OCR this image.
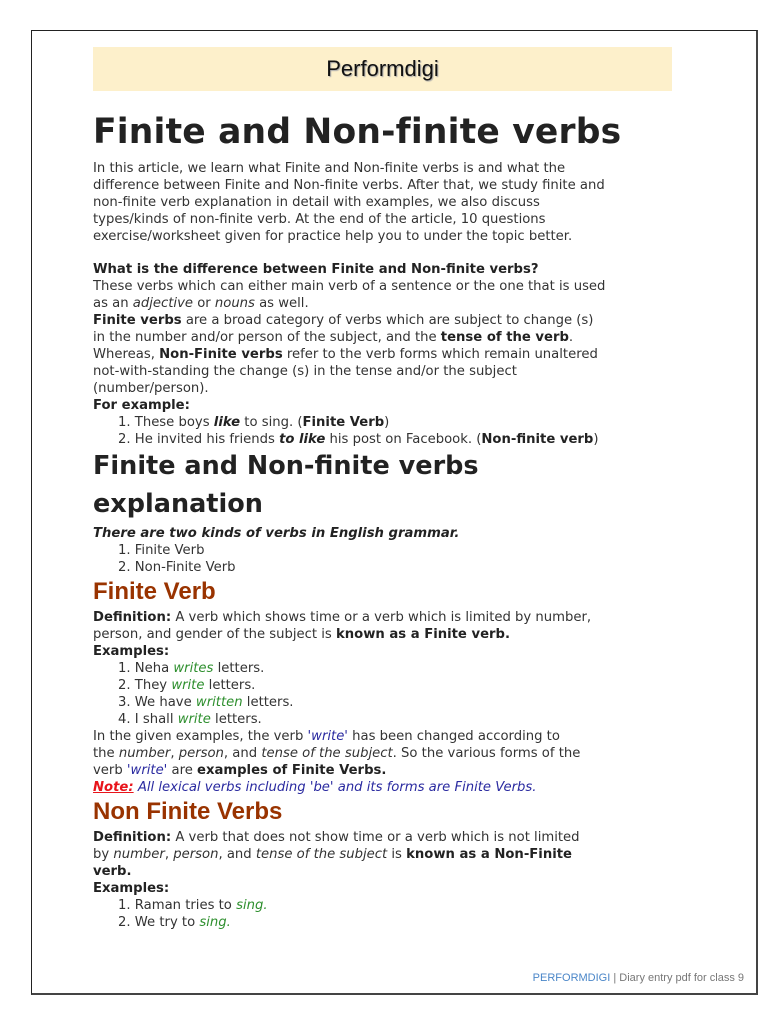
Performdigi
Finite and Non-finite verbs
In this article, we learn what Finite and Non-finite verbs is and what the
difference between Finite and Non-finite verbs. After that, we study finite and
non-finite verb explanation in detail with examples, we also discuss
types/kinds of non-finite verb. At the end of the article, 10 questions
exercise/worksheet given for practice help you to under the topic better.
What is the difference between Finite and Non-finite verbs?
These verbs which can either main verb of a sentence or the one that is used
as an adjective or nouns as well.
Finite verbs are a broad category of verbs which are subject to change (s)
in the number and/or person of the subject, and the tense of the verb.
Whereas, Non-Finite verbs refer to the verb forms which remain unaltered
not-with-standing the change (s) in the tense and/or the subject
(number/person).
For example:
1. These boys like to sing. (Finite Verb)
2. He invited his friends to like his post on Facebook. (Non-finite verb)
Finite and Non-finite verbs
explanation
There are two kinds of verbs in English grammar.
1. Finite Verb
2. Non-Finite Verb
Finite Verb
Definition: A verb which shows time or a verb which is limited by number,
person, and gender of the subject is known as a Finite verb.
Examples:
1. Neha writes letters.
2. They write letters.
3. We have written letters.
4. I shall write letters.
In the given examples, the verb 'write' has been changed according to
the number, person, and tense of the subject. So the various forms of the
verb 'write' are examples of Finite Verbs.
Note: All lexical verbs including 'be' and its forms are Finite Verbs.
Non Finite Verbs
Definition: A verb that does not show time or a verb which is not limited
by number, person, and tense of the subject is known as a Non-Finite
verb.
Examples:
1. Raman tries to sing.
2. We try to sing.
PERFORMDIGI | Diary entry pdf for class 9
